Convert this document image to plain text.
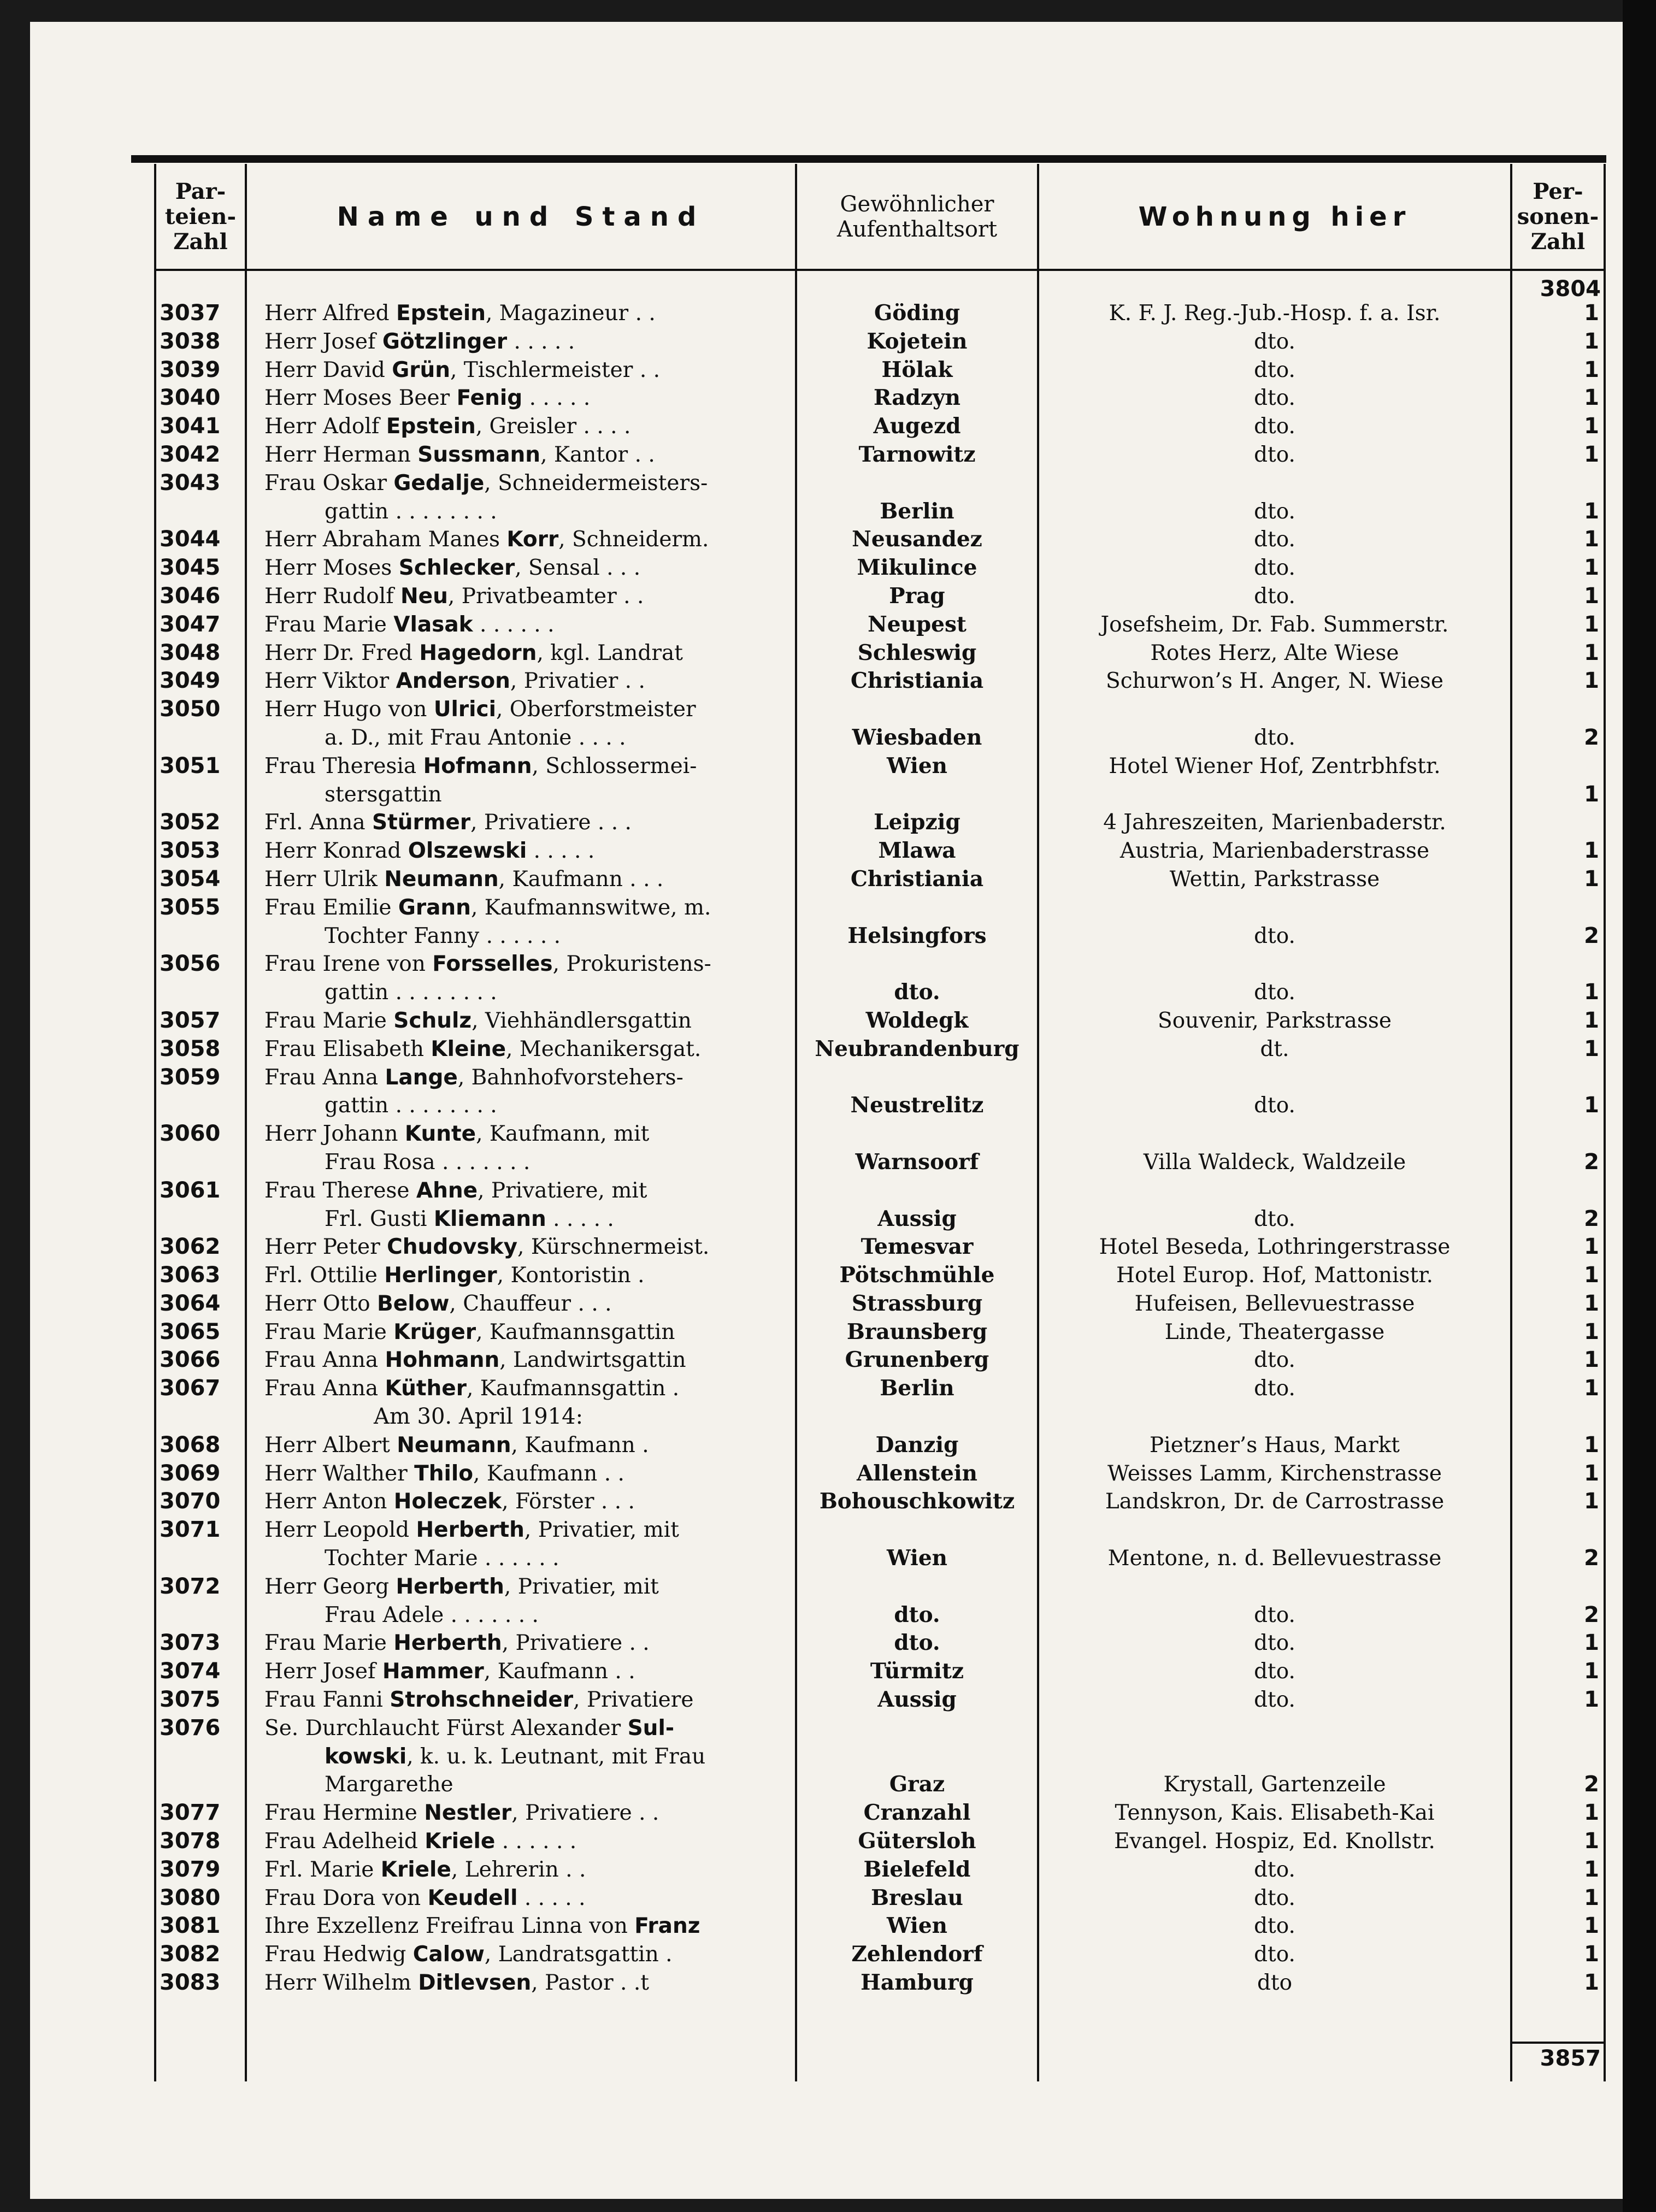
Par-
teien-
Zahl
Name und Stand	Gewöhnlicher
Aufenthaltsort	Wohnung hier
Per-
sonen-
Zahl
3804
3037
3038
3039
3040
3041
3042
3043
3044
3045
3046
3047
3048
3049
3050
3051
3052
3053
3054
3055
3056
3057
3058
3059
3060
3061
3062
3063
3064
3065
3066
3067
3068
3069
3070
3071
3072
3073
3074
3075
3076
3077
3078
3079
3080
3081
3082
3083
Herr Alfred Epstein, Magazineur . .
Herr Josef Götzlinger . . . . .
Herr David Grün, Tischlermeister . .
Herr Moses Beer Fenig . . . . .
Herr Adolf Epstein, Greisler . . . .
Herr Herman Sussmann, Kantor . .
Frau Oskar Gedalje, Schneidermeisters-
gattin . . . . . . . .
Herr Abraham Manes Korr, Schneiderm.
Herr Moses Schlecker, Sensal . . .
Herr Rudolf Neu, Privatbeamter . .
Frau Marie Vlasak . . . . . .
Herr Dr. Fred Hagedorn, kgl. Landrat
Herr Viktor Anderson, Privatier . .
Herr Hugo von Ulrici, Oberforstmeister
a. D., mit Frau Antonie . . . .
Frau Theresia Hofmann, Schlossermei-
stersgattin
Frl. Anna Stürmer, Privatiere . . .
Herr Konrad Olszewski . . . . .
Herr Ulrik Neumann, Kaufmann . . .
Frau Emilie Grann, Kaufmannswitwe, m.
Tochter Fanny . . . . . .
Frau Irene von Forsselles, Prokuristens-
gattin . . . . . . . .
Frau Marie Schulz, Viehhändlersgattin
Frau Elisabeth Kleine, Mechanikersgat.
Frau Anna Lange, Bahnhofvorstehers-
gattin . . . . . . . .
Herr Johann Kunte, Kaufmann, mit
Frau Rosa . . . . . . .
Frau Therese Ahne, Privatiere, mit
Frl. Gusti Kliemann . . . . .
Herr Peter Chudovsky, Kürschnermeist.
Frl. Ottilie Herlinger, Kontoristin .
Herr Otto Below, Chauffeur . . .
Frau Marie Krüger, Kaufmannsgattin
Frau Anna Hohmann, Landwirtsgattin
Frau Anna Küther, Kaufmannsgattin .
Am 30. April 1914:
Herr Albert Neumann, Kaufmann .
Herr Walther Thilo, Kaufmann . .
Herr Anton Holeczek, Förster . . .
Herr Leopold Herberth, Privatier, mit
Tochter Marie . . . . . .
Herr Georg Herberth, Privatier, mit
Frau Adele . . . . . . .
Frau Marie Herberth, Privatiere . .
Herr Josef Hammer, Kaufmann . .
Frau Fanni Strohschneider, Privatiere
Se. Durchlaucht Fürst Alexander Sul-
kowski, k. u. k. Leutnant, mit Frau
Margarethe
Frau Hermine Nestler, Privatiere . .
Frau Adelheid Kriele . . . . . .
Frl. Marie Kriele, Lehrerin . .
Frau Dora von Keudell . . . . .
Ihre Exzellenz Freifrau Linna von Franz
Frau Hedwig Calow, Landratsgattin .
Herr Wilhelm Ditlevsen, Pastor . .t
Göding
Kojetein
Hölak
Radzyn
Augezd
Tarnowitz
Berlin
Neusandez
Mikulince
Prag
Neupest
Schleswig
Christiania
Wiesbaden
Wien
Leipzig
Mlawa
Christiania
Helsingfors
dto.
Woldegk
Neubrandenburg
Neustrelitz
Warnsoorf
Aussig
Temesvar
Pötschmühle
Strassburg
Braunsberg
Grunenberg
Berlin
Danzig
Allenstein
Bohouschkowitz
Wien
dto.
dto.
Türmitz
Aussig
Graz
Cranzahl
Gütersloh
Bielefeld
Breslau
Wien
Zehlendorf
Hamburg
K. F. J. Reg.-Jub.-Hosp. f. a. Isr.
dto.
dto.
dto.
dto.
dto.
dto.
dto.
dto.
dto.
Josefsheim, Dr. Fab. Summerstr.
Rotes Herz, Alte Wiese
Schurwon’s H. Anger, N. Wiese
dto.
Hotel Wiener Hof, Zentrbhfstr.
4 Jahreszeiten, Marienbaderstr.
Austria, Marienbaderstrasse
Wettin, Parkstrasse
dto.
dto.
Souvenir, Parkstrasse
dt.
dto.
Villa Waldeck, Waldzeile
dto.
Hotel Beseda, Lothringerstrasse
Hotel Europ. Hof, Mattonistr.
Hufeisen, Bellevuestrasse
Linde, Theatergasse
dto.
dto.
Pietzner’s Haus, Markt
Weisses Lamm, Kirchenstrasse
Landskron, Dr. de Carrostrasse
Mentone, n. d. Bellevuestrasse
dto.
dto.
dto.
dto.
Krystall, Gartenzeile
Tennyson, Kais. Elisabeth-Kai
Evangel. Hospiz, Ed. Knollstr.
dto.
dto.
dto.
dto.
dto
1
1
1
1
1
1
1
1
1
1
1
1
1
2
1
1
1
2
1
1
1
1
2
2
1
1
1
1
1
1
1
1
1
2
2
1
1
1
2
1
1
1
1
1
1
1
3857
